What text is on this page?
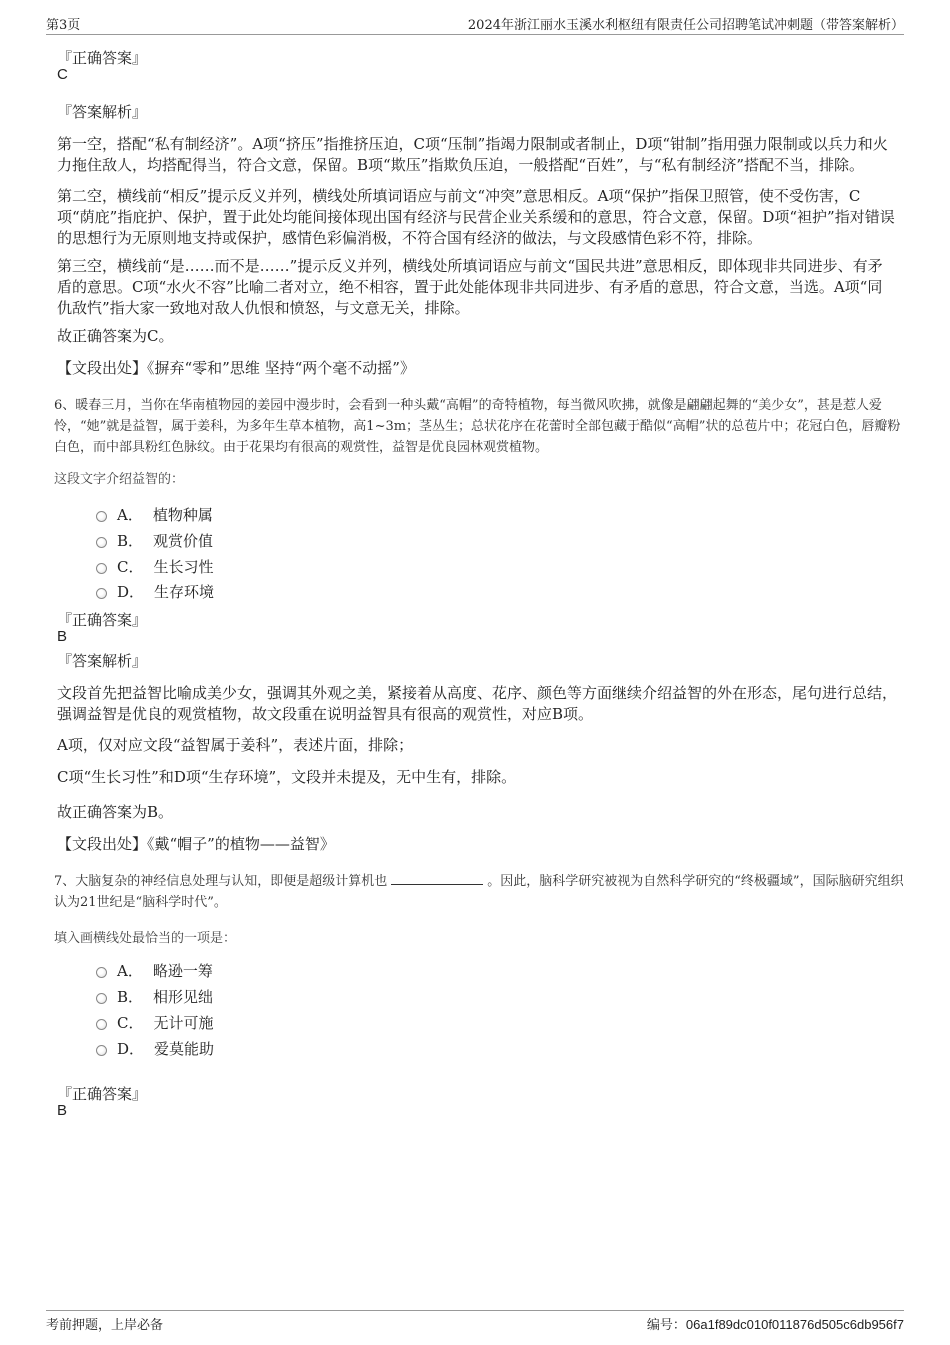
第3页	2024年浙江丽水玉溪水利枢纽有限责任公司招聘笔试冲刺题（带答案解析）
『正确答案』
C
『答案解析』
第一空，搭配“私有制经济”。A项“挤压”指推挤压迫，C项“压制”指竭力限制或者制止，D项“钳制”指用强力限制或以兵力和火力拖住敌人，均搭配得当，符合文意，保留。B项“欺压”指欺负压迫，一般搭配“百姓”，与“私有制经济”搭配不当，排除。
第二空，横线前“相反”提示反义并列，横线处所填词语应与前文“冲突”意思相反。A项“保护”指保卫照管，使不受伤害，C项“荫庇”指庇护、保护，置于此处均能间接体现出国有经济与民营企业关系缓和的意思，符合文意，保留。D项“袒护”指对错误的思想行为无原则地支持或保护，感情色彩偏消极，不符合国有经济的做法，与文段感情色彩不符，排除。
第三空，横线前“是……而不是……”提示反义并列，横线处所填词语应与前文“国民共进”意思相反，即体现非共同进步、有矛盾的意思。C项“水火不容”比喻二者对立，绝不相容，置于此处能体现非共同进步、有矛盾的意思，符合文意，当选。A项“同仇敌忾”指大家一致地对敌人仇恨和愤怒，与文意无关，排除。
故正确答案为C。
【文段出处】《摒弃“零和”思维 坚持“两个毫不动摇”》
6、暖春三月，当你在华南植物园的姜园中漫步时，会看到一种头戴“高帽”的奇特植物，每当微风吹拂，就像是翩翩起舞的“美少女”，甚是惹人爱怜，“她”就是益智，属于姜科，为多年生草本植物，高1~3m；茎丛生；总状花序在花蕾时全部包藏于酷似“高帽”状的总苞片中；花冠白色，唇瓣粉白色，而中部具粉红色脉纹。由于花果均有很高的观赏性，益智是优良园林观赏植物。
这段文字介绍益智的：
A． 植物种属
B． 观赏价值
C． 生长习性
D． 生存环境
『正确答案』
B
『答案解析』
文段首先把益智比喻成美少女，强调其外观之美，紧接着从高度、花序、颜色等方面继续介绍益智的外在形态，尾句进行总结，强调益智是优良的观赏植物，故文段重在说明益智具有很高的观赏性，对应B项。
A项，仅对应文段“益智属于姜科”，表述片面，排除；
C项“生长习性”和D项“生存环境”，文段并未提及，无中生有，排除。
故正确答案为B。
【文段出处】《戴“帽子”的植物——益智》
7、大脑复杂的神经信息处理与认知，即便是超级计算机也	。因此，脑科学研究被视为自然科学研究的“终极疆域”，国际脑研究组织认为21世纪是“脑科学时代”。
填入画横线处最恰当的一项是：
A． 略逊一筹
B． 相形见绌
C． 无计可施
D． 爱莫能助
『正确答案』
B
考前押题，上岸必备	编号：06a1f89dc010f011876d505c6db956f7
